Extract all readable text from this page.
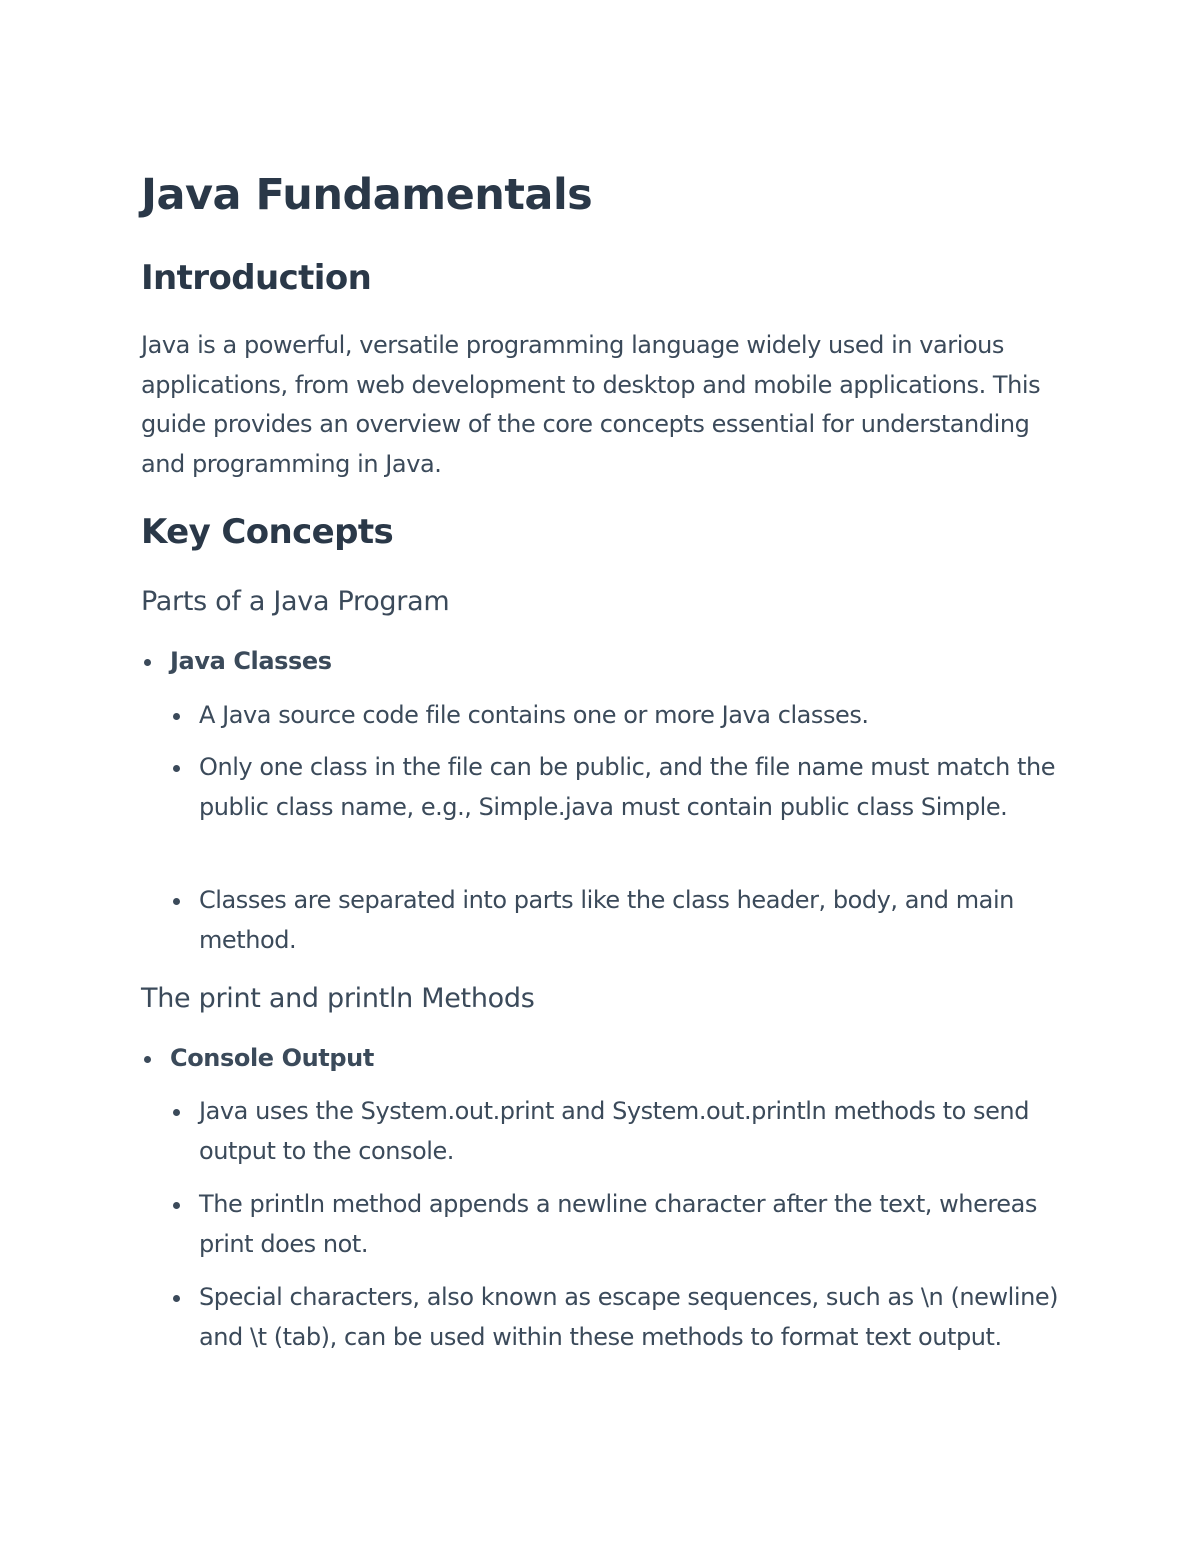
Java Fundamentals
Introduction

Java is a powerful, versatile programming language widely used in various applications, from web development to desktop and mobile applications. This guide provides an overview of the core concepts essential for understanding and programming in Java.

Key Concepts
Parts of a Java Program
Java Classes
A Java source code file contains one or more Java classes.
Only one class in the file can be public, and the file name must match the public class name, e.g., Simple.java must contain public class Simple.
Classes are separated into parts like the class header, body, and main method.
The print and println Methods
Console Output
Java uses the System.out.print and System.out.println methods to send output to the console.
The println method appends a newline character after the text, whereas print does not.
Special characters, also known as escape sequences, such as \n (newline) and \t (tab), can be used within these methods to format text output.
